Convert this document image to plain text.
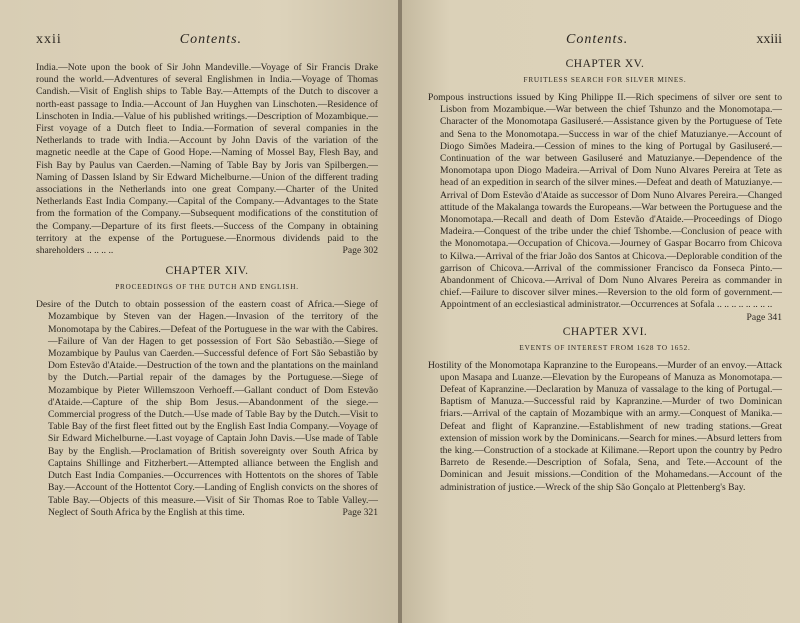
xxii	Contents.

India.—Note upon the book of Sir John Mandeville.—Voyage of Sir Francis Drake round the world.—Adventures of several Englishmen in India.—Voyage of Thomas Candish.—Visit of English ships to Table Bay.—Attempts of the Dutch to discover a north-east passage to India.—Account of Jan Huyghen van Linschoten.—Residence of Linschoten in India.—Value of his published writings.—Description of Mozambique.—First voyage of a Dutch fleet to India.—Formation of several companies in the Netherlands to trade with India.—Account by John Davis of the variation of the magnetic needle at the Cape of Good Hope.—Naming of Mossel Bay, Flesh Bay, and Fish Bay by Paulus van Caerden.—Naming of Table Bay by Joris van Spilbergen.—Naming of Dassen Island by Sir Edward Michelburne.—Union of the different trading associations in the Netherlands into one great Company.—Charter of the United Netherlands East India Company.—Capital of the Company.—Advantages to the State from the formation of the Company.—Subsequent modifications of the constitution of the Company.—Departure of its first fleets.—Success of the Company in obtaining territory at the expense of the Portuguese.—Enormous dividends paid to the shareholders .. .. .. ..	Page 302

CHAPTER XIV.
PROCEEDINGS OF THE DUTCH AND ENGLISH.

Desire of the Dutch to obtain possession of the eastern coast of Africa.—Siege of Mozambique by Steven van der Hagen.—Invasion of the territory of the Monomotapa by the Cabires.—Defeat of the Portuguese in the war with the Cabires.—Failure of Van der Hagen to get possession of Fort São Sebastião.—Siege of Mozambique by Paulus van Caerden.—Successful defence of Fort São Sebastião by Dom Estevão d'Ataide.—Destruction of the town and the plantations on the mainland by the Dutch.—Partial repair of the damages by the Portuguese.—Siege of Mozambique by Pieter Willemszoon Verhoeff.—Gallant conduct of Dom Estevão d'Ataide.—Capture of the ship Bom Jesus.—Abandonment of the siege.—Commercial progress of the Dutch.—Use made of Table Bay by the Dutch.—Visit to Table Bay of the first fleet fitted out by the English East India Company.—Voyage of Sir Edward Michelburne.—Last voyage of Captain John Davis.—Use made of Table Bay by the English.—Proclamation of British sovereignty over South Africa by Captains Shillinge and Fitzherbert.—Attempted alliance between the English and Dutch East India Companies.—Occurrences with Hottentots on the shores of Table Bay.—Account of the Hottentot Cory.—Landing of English convicts on the shores of Table Bay.—Objects of this measure.—Visit of Sir Thomas Roe to Table Valley.—Neglect of South Africa by the English at this time.	Page 321

Contents.	xxiii
CHAPTER XV.
FRUITLESS SEARCH FOR SILVER MINES.

Pompous instructions issued by King Philippe II.—Rich specimens of silver ore sent to Lisbon from Mozambique.—War between the chief Tshunzo and the Monomotapa.—Character of the Monomotapa Gasiluseré.—Assistance given by the Portuguese of Tete and Sena to the Monomotapa.—Success in war of the chief Matuzianye.—Account of Diogo Simões Madeira.—Cession of mines to the king of Portugal by Gasiluseré.—Continuation of the war between Gasiluseré and Matuzianye.—Dependence of the Monomotapa upon Diogo Madeira.—Arrival of Dom Nuno Alvares Pereira at Tete as head of an expedition in search of the silver mines.—Defeat and death of Matuzianye.—Arrival of Dom Estevão d'Ataide as successor of Dom Nuno Alvares Pereira.—Changed attitude of the Makalanga towards the Europeans.—War between the Portuguese and the Monomotapa.—Recall and death of Dom Estevão d'Ataide.—Proceedings of Diogo Madeira.—Conquest of the tribe under the chief Tshombe.—Conclusion of peace with the Monomotapa.—Occupation of Chicova.—Journey of Gaspar Bocarro from Chicova to Kilwa.—Arrival of the friar João dos Santos at Chicova.—Deplorable condition of the garrison of Chicova.—Arrival of the commissioner Francisco da Fonseca Pinto.—Abandonment of Chicova.—Arrival of Dom Nuno Alvares Pereira as commander in chief.—Failure to discover silver mines.—Reversion to the old form of government.—Appointment of an ecclesiastical administrator.—Occurrences at Sofala .. .. .. .. .. .. .. ..
Page 341

CHAPTER XVI.
EVENTS OF INTEREST FROM 1628 TO 1652.

Hostility of the Monomotapa Kapranzine to the Europeans.—Murder of an envoy.—Attack upon Masapa and Luanze.—Elevation by the Europeans of Manuza as Monomotapa.—Defeat of Kapranzine.—Declaration by Manuza of vassalage to the king of Portugal.—Baptism of Manuza.—Successful raid by Kapranzine.—Murder of two Dominican friars.—Arrival of the captain of Mozambique with an army.—Conquest of Manika.—Defeat and flight of Kapranzine.—Establishment of new trading stations.—Great extension of mission work by the Dominicans.—Search for mines.—Absurd letters from the king.—Construction of a stockade at Kilimane.—Report upon the country by Pedro Barreto de Resende.—Description of Sofala, Sena, and Tete.—Account of the Dominican and Jesuit missions.—Condition of the Mohamedans.—Account of the administration of justice.—Wreck of the ship São Gonçalo at Plettenberg's Bay.
